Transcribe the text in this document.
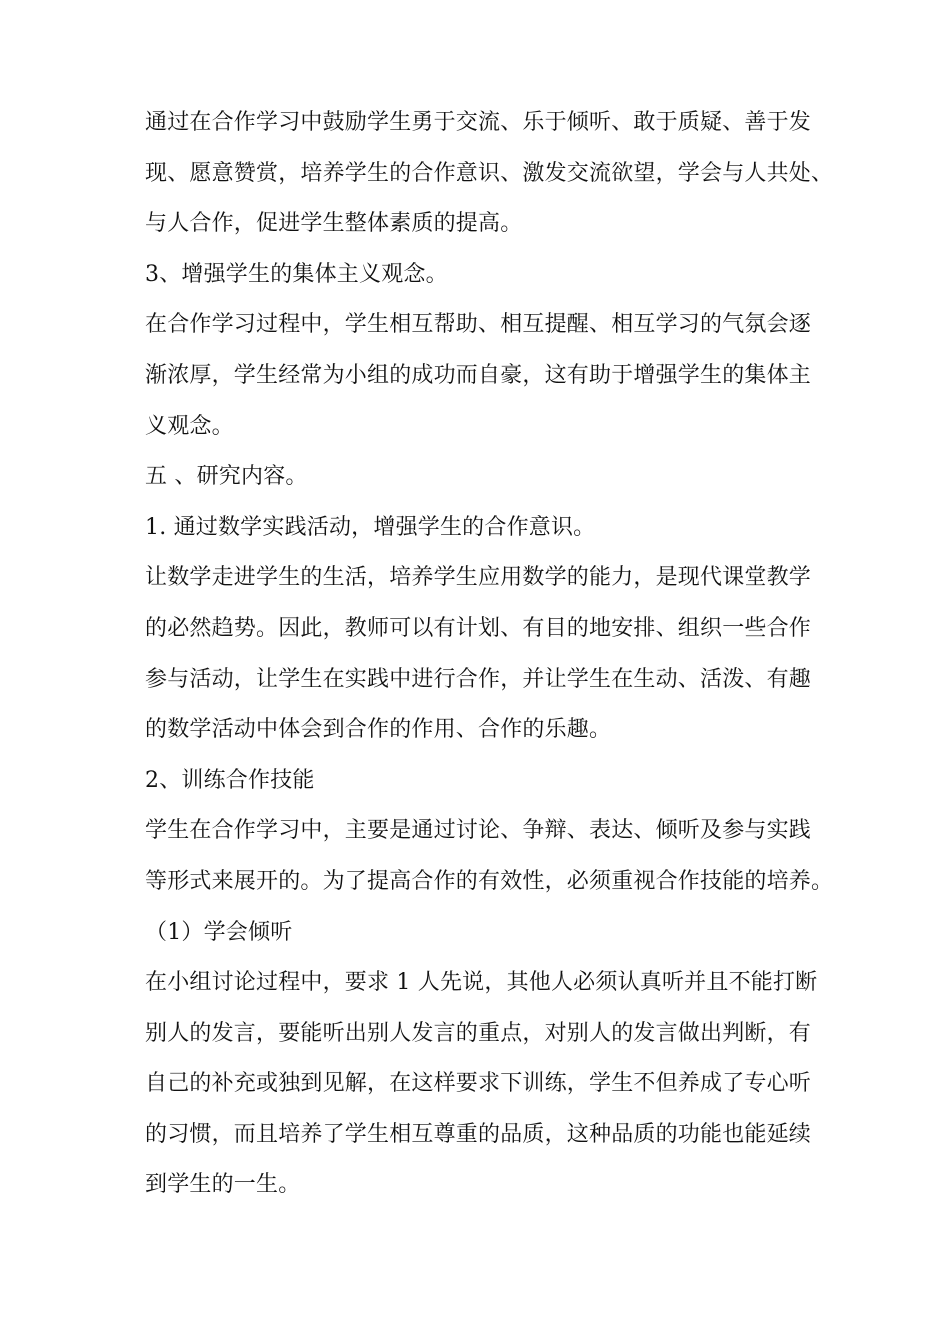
通过在合作学习中鼓励学生勇于交流、乐于倾听、敢于质疑、善于发
现、愿意赞赏，培养学生的合作意识、激发交流欲望，学会与人共处、
与人合作，促进学生整体素质的提高。
3、增强学生的集体主义观念。
在合作学习过程中，学生相互帮助、相互提醒、相互学习的气氛会逐
渐浓厚，学生经常为小组的成功而自豪，这有助于增强学生的集体主
义观念。
五 、研究内容。
1. 通过数学实践活动，增强学生的合作意识。
让数学走进学生的生活，培养学生应用数学的能力，是现代课堂教学
的必然趋势。因此，教师可以有计划、有目的地安排、组织一些合作
参与活动，让学生在实践中进行合作，并让学生在生动、活泼、有趣
的数学活动中体会到合作的作用、合作的乐趣。
2、训练合作技能
学生在合作学习中，主要是通过讨论、争辩、表达、倾听及参与实践
等形式来展开的。为了提高合作的有效性，必须重视合作技能的培养。
（1）学会倾听
在小组讨论过程中，要求 1 人先说，其他人必须认真听并且不能打断
别人的发言，要能听出别人发言的重点，对别人的发言做出判断，有
自己的补充或独到见解，在这样要求下训练，学生不但养成了专心听
的习惯，而且培养了学生相互尊重的品质，这种品质的功能也能延续
到学生的一生。
